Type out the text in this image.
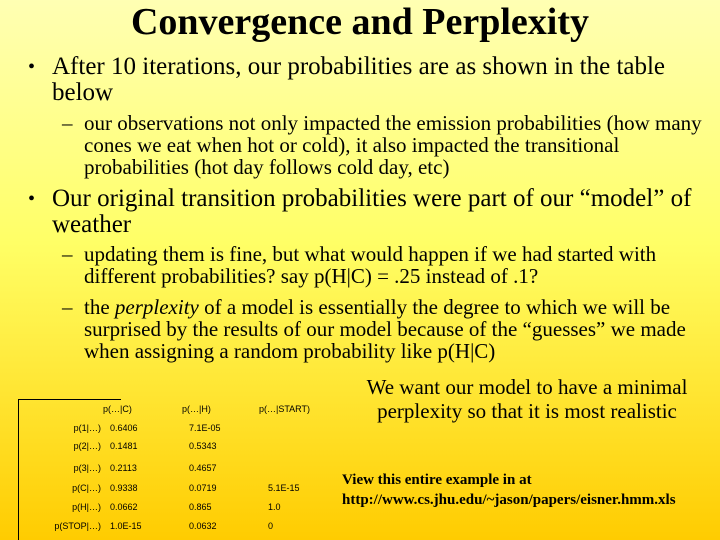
Convergence and Perplexity
• After 10 iterations, our probabilities are as shown in the table below
– our observations not only impacted the emission probabilities (how many cones we eat when hot or cold), it also impacted the transitional probabilities (hot day follows cold day, etc)
• Our original transition probabilities were part of our “model” of weather
– updating them is fine, but what would happen if we had started with different probabilities? say p(H|C) = .25 instead of .1?
– the perplexity of a model is essentially the degree to which we will be surprised by the results of our model because of the “guesses” we made when assigning a random probability like p(H|C)
We want our model to have a minimal perplexity so that it is most realistic
View this entire example in at
http://www.cs.jhu.edu/~jason/papers/eisner.hmm.xls
p(…|C)	p(…|H)	p(…|START)
p(1|…) 0.6406	7.1E-05
p(2|…) 0.1481	0.5343
p(3|…) 0.2113	0.4657
p(C|…) 0.9338	0.0719	5.1E-15
p(H|…) 0.0662	0.865	1.0
p(STOP|…) 1.0E-15	0.0632	0
